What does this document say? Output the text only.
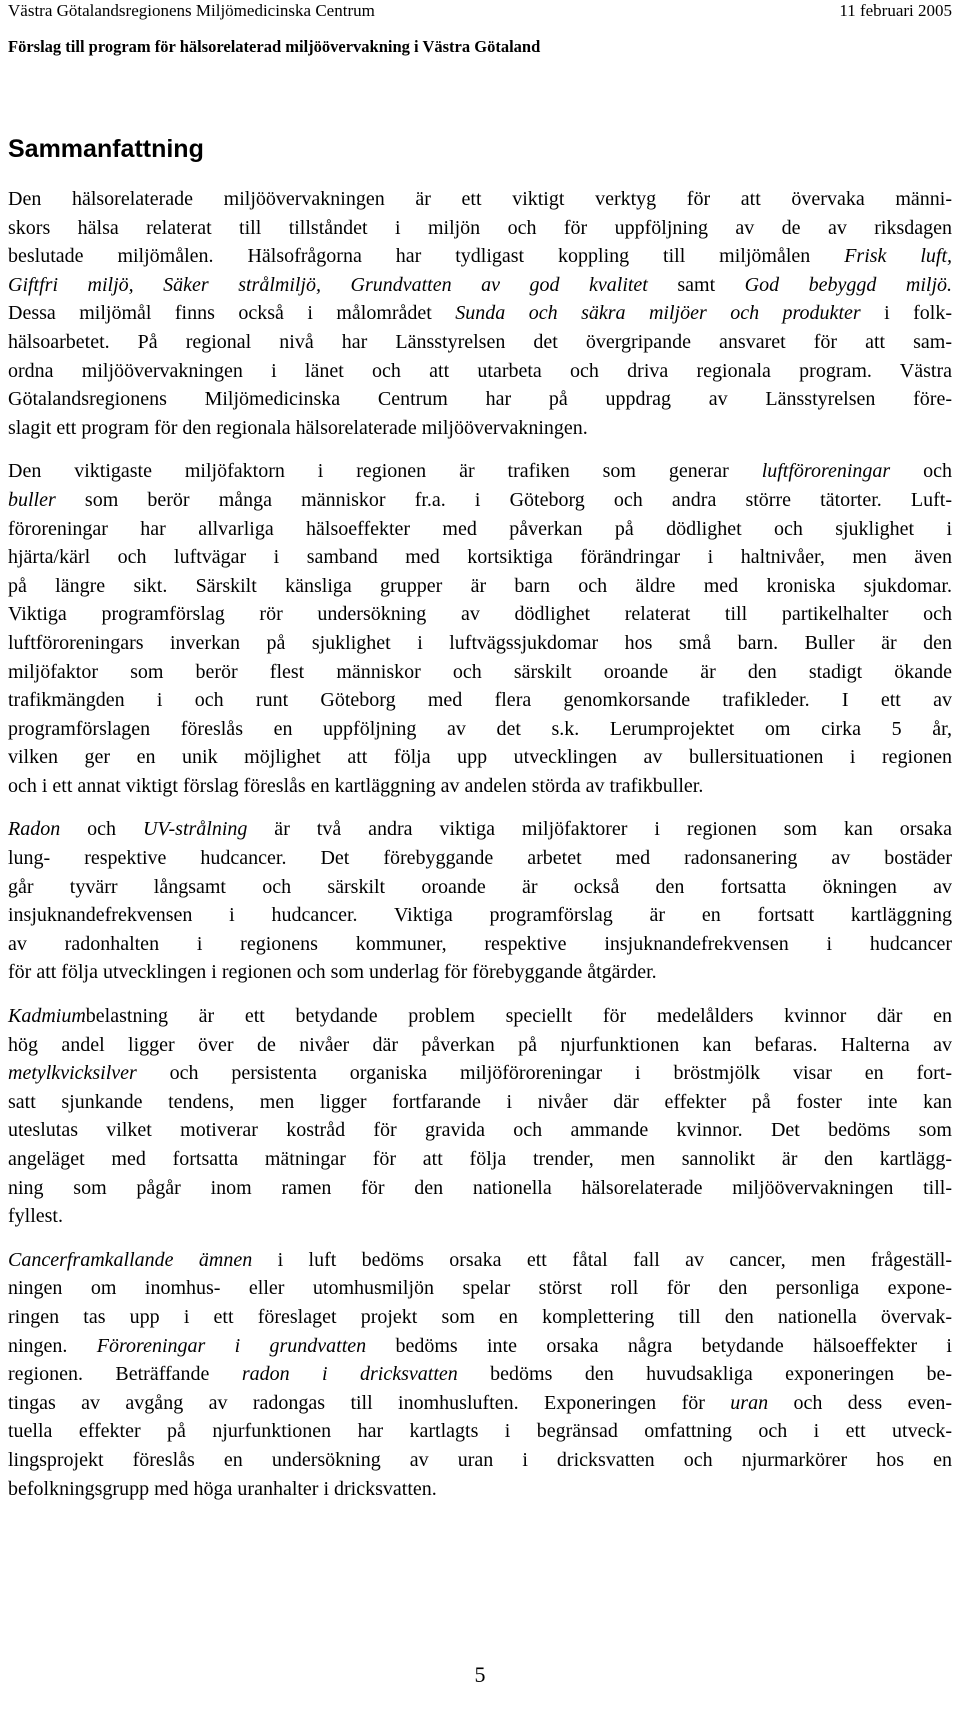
Västra Götalandsregionens Miljömedicinska Centrum	11 februari 2005
Förslag till program för hälsorelaterad miljöövervakning i Västra Götaland
Sammanfattning

Den hälsorelaterade miljöövervakningen är ett viktigt verktyg för att övervaka männi-
skors hälsa relaterat till tillståndet i miljön och för uppföljning av de av riksdagen
beslutade miljömålen. Hälsofrågorna har tydligast koppling till miljömålen Frisk luft,
Giftfri miljö, Säker strålmiljö, Grundvatten av god kvalitet samt God bebyggd miljö.
Dessa miljömål finns också i målområdet Sunda och säkra miljöer och produkter i folk-
hälsoarbetet. På regional nivå har Länsstyrelsen det övergripande ansvaret för att sam-
ordna miljöövervakningen i länet och att utarbeta och driva regionala program. Västra
Götalandsregionens Miljömedicinska Centrum har på uppdrag av Länsstyrelsen före-
slagit ett program för den regionala hälsorelaterade miljöövervakningen.

Den viktigaste miljöfaktorn i regionen är trafiken som generar luftföroreningar och
buller som berör många människor fr.a. i Göteborg och andra större tätorter. Luft-
föroreningar har allvarliga hälsoeffekter med påverkan på dödlighet och sjuklighet i
hjärta/kärl och luftvägar i samband med kortsiktiga förändringar i haltnivåer, men även
på längre sikt. Särskilt känsliga grupper är barn och äldre med kroniska sjukdomar.
Viktiga programförslag rör undersökning av dödlighet relaterat till partikelhalter och
luftföroreningars inverkan på sjuklighet i luftvägssjukdomar hos små barn. Buller är den
miljöfaktor som berör flest människor och särskilt oroande är den stadigt ökande
trafikmängden i och runt Göteborg med flera genomkorsande trafikleder. I ett av
programförslagen föreslås en uppföljning av det s.k. Lerumprojektet om cirka 5 år,
vilken ger en unik möjlighet att följa upp utvecklingen av bullersituationen i regionen
och i ett annat viktigt förslag föreslås en kartläggning av andelen störda av trafikbuller.

Radon och UV-strålning är två andra viktiga miljöfaktorer i regionen som kan orsaka
lung- respektive hudcancer. Det förebyggande arbetet med radonsanering av bostäder
går tyvärr långsamt och särskilt oroande är också den fortsatta ökningen av
insjuknandefrekvensen i hudcancer. Viktiga programförslag är en fortsatt kartläggning
av radonhalten i regionens kommuner, respektive insjuknandefrekvensen i hudcancer
för att följa utvecklingen i regionen och som underlag för förebyggande åtgärder.

Kadmiumbelastning är ett betydande problem speciellt för medelålders kvinnor där en
hög andel ligger över de nivåer där påverkan på njurfunktionen kan befaras. Halterna av
metylkvicksilver och persistenta organiska miljöföroreningar i bröstmjölk visar en fort-
satt sjunkande tendens, men ligger fortfarande i nivåer där effekter på foster inte kan
uteslutas vilket motiverar kostråd för gravida och ammande kvinnor. Det bedöms som
angeläget med fortsatta mätningar för att följa trender, men sannolikt är den kartlägg-
ning som pågår inom ramen för den nationella hälsorelaterade miljöövervakningen till-
fyllest.

Cancerframkallande ämnen i luft bedöms orsaka ett fåtal fall av cancer, men frågeställ-
ningen om inomhus- eller utomhusmiljön spelar störst roll för den personliga expone-
ringen tas upp i ett föreslaget projekt som en komplettering till den nationella övervak-
ningen. Föroreningar i grundvatten bedöms inte orsaka några betydande hälsoeffekter i
regionen. Beträffande radon i dricksvatten bedöms den huvudsakliga exponeringen be-
tingas av avgång av radongas till inomhusluften. Exponeringen för uran och dess even-
tuella effekter på njurfunktionen har kartlagts i begränsad omfattning och i ett utveck-
lingsprojekt föreslås en undersökning av uran i dricksvatten och njurmarkörer hos en
befolkningsgrupp med höga uranhalter i dricksvatten.

5
